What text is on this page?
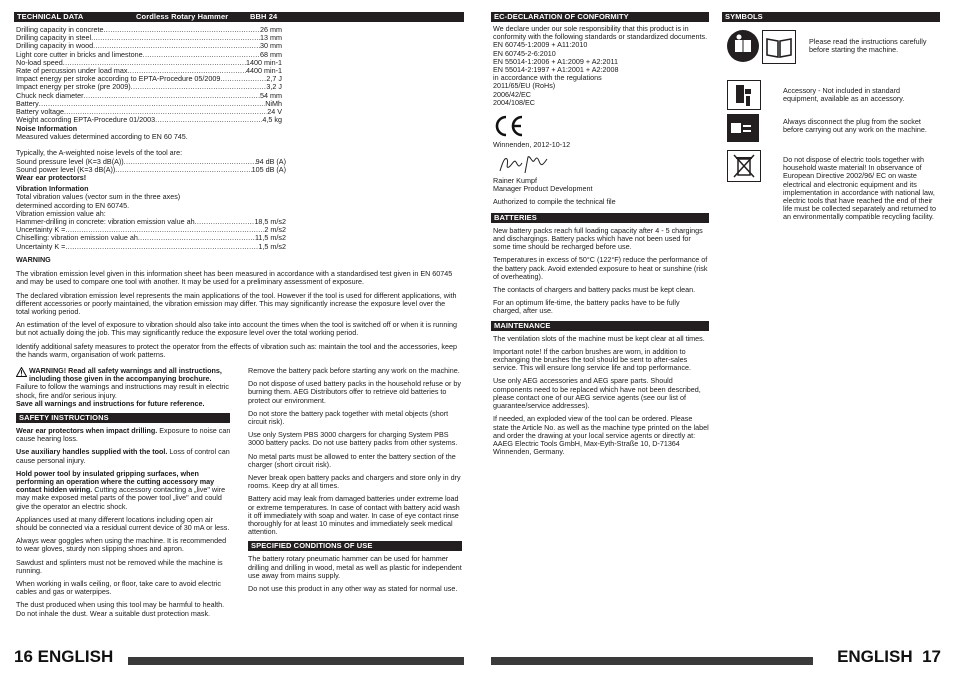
TECHNICAL DATA	Cordless Rotary Hammer	BBH 24
Drilling capacity in concrete .....	26 mm
Drilling capacity in steel .....	13 mm
Drilling capacity in wood .....	30 mm
Light core cutter in bricks and limestone .....	68 mm
No-load speed .....	1400 min-1
Rate of percussion under load max .....	4400 min-1
Impact energy per stroke according to EPTA-Procedure 05/2009 .....	2,7 J
Impact energy per stroke (pre 2009) .....	3,2 J
Chuck neck diameter .....	54 mm
Battery .....	NiMh
Battery voltage .....	24 V
Weight according EPTA-Procedure 01/2003 .....	4,5 kg
Noise Information
Measured values determined according to EN 60 745.
Typically, the A-weighted noise levels of the tool are:
Sound pressure level (K=3 dB(A)) .....	94 dB (A)
Sound power level (K=3 dB(A)) .....	105 dB (A)
Wear ear protectors!
Vibration Information
Total vibration values (vector sum in the three axes)
determined according to EN 60745.
Vibration emission value ah:
Hammer-drilling in concrete: vibration emission value ah .....	18,5 m/s2
Uncertainty K = .....	2 m/s2
Chiselling: vibration emission value ah .....	11,5 m/s2
Uncertainty K = .....	1,5 m/s2
WARNING

The vibration emission level given in this information sheet has been measured in accordance with a standardised test given in EN 60745 and may be used to compare one tool with another. It may be used for a preliminary assessment of exposure.

The declared vibration emission level represents the main applications of the tool. However if the tool is used for different applications, with different accessories or poorly maintained, the vibration emission may differ. This may significantly increase the exposure level over the total working period.

An estimation of the level of exposure to vibration should also take into account the times when the tool is switched off or when it is running but not actually doing the job. This may significantly reduce the exposure level over the total working period.

Identify additional safety measures to protect the operator from the effects of vibration such as: maintain the tool and the accessories, keep the hands warm, organisation of work patterns.

WARNING! Read all safety warnings and all instructions, including those given in the accompanying brochure. Failure to follow the warnings and instructions may result in electric shock, fire and/or serious injury.
Save all warnings and instructions for future reference.
SAFETY INSTRUCTIONS

Wear ear protectors when impact drilling. Exposure to noise can cause hearing loss.

Use auxiliary handles supplied with the tool. Loss of control can cause personal injury.

Hold power tool by insulated gripping surfaces, when performing an operation where the cutting accessory may contact hidden wiring. Cutting accessory contacting a „live" wire may make exposed metal parts of the power tool „live" and could give the operator an electric shock.

Appliances used at many different locations including open air should be connected via a residual current device of 30 mA or less.

Always wear goggles when using the machine. It is recommended to wear gloves, sturdy non slipping shoes and apron.

Sawdust and splinters must not be removed while the machine is running.

When working in walls ceiling, or floor, take care to avoid electric cables and gas or waterpipes.

The dust produced when using this tool may be harmful to health. Do not inhale the dust. Wear a suitable dust protection mask.

Remove the battery pack before starting any work on the machine.

Do not dispose of used battery packs in the household refuse or by burning them. AEG Distributors offer to retrieve old batteries to protect our environment.

Do not store the battery pack together with metal objects (short circuit risk).

Use only System PBS 3000 chargers for charging System PBS 3000 battery packs. Do not use battery packs from other systems.

No metal parts must be allowed to enter the battery section of the charger (short circuit risk).

Never break open battery packs and chargers and store only in dry rooms. Keep dry at all times.

Battery acid may leak from damaged batteries under extreme load or extreme temperatures. In case of contact with battery acid wash it off immediately with soap and water. In case of eye contact rinse thoroughly for at least 10 minutes and immediately seek medical attention.

SPECIFIED CONDITIONS OF USE

The battery rotary pneumatic hammer can be used for hammer drilling and drilling in wood, metal as well as plastic for independent use away from mains supply.

Do not use this product in any other way as stated for normal use.

16 ENGLISH
EC-DECLARATION OF CONFORMITY
We declare under our sole responsibility that this product is in conformity with the following standards or standardized documents.
EN 60745-1:2009 + A11:2010
EN 60745-2-6:2010
EN 55014-1:2006 + A1:2009 + A2:2011
EN 55014-2:1997 + A1:2001 + A2:2008
in accordance with the regulations
2011/65/EU (RoHs)
2006/42/EC
2004/108/EC
Winnenden, 2012-10-12
Rainer Kumpf
Manager Product Development
Authorized to compile the technical file
BATTERIES

New battery packs reach full loading capacity after 4 - 5 chargings and dischargings. Battery packs which have not been used for some time should be recharged before use.

Temperatures in excess of 50°C (122°F) reduce the performance of the battery pack. Avoid extended exposure to heat or sunshine (risk of overheating).

The contacts of chargers and battery packs must be kept clean.

For an optimum life-time, the battery packs have to be fully charged, after use.

MAINTENANCE

The ventilation slots of the machine must be kept clear at all times.

Important note! If the carbon brushes are worn, in addition to exchanging the brushes the tool should be sent to after-sales service. This will ensure long service life and top performance.

Use only AEG accessories and AEG spare parts. Should components need to be replaced which have not been described, please contact one of our AEG service agents (see our list of guarantee/service addresses).

If needed, an exploded view of the tool can be ordered. Please state the Article No. as well as the machine type printed on the label and order the drawing at your local service agents or directly at: AAEG Electric Tools GmbH, Max-Eyth-Straße 10, D-71364 Winnenden, Germany.

SYMBOLS
Please read the instructions carefully before starting the machine.
Accessory - Not included in standard equipment, available as an accessory.
Always disconnect the plug from the socket before carrying out any work on the machine.
Do not dispose of electric tools together with household waste material! In observance of European Directive 2002/96/ EC on waste electrical and electronic equipment and its implementation in accordance with national law, electric tools that have reached the end of their life must be collected separately and returned to an environmentally compatible recycling facility.
ENGLISH 17
